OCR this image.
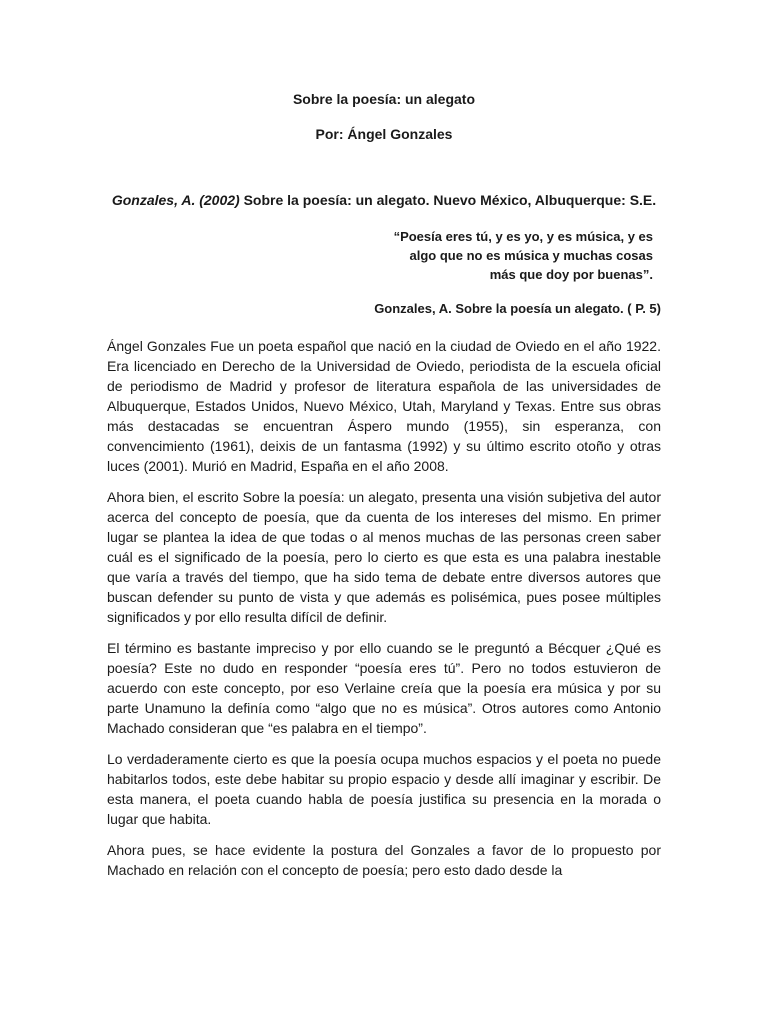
Sobre la poesía: un alegato
Por: Ángel Gonzales
Gonzales, A. (2002) Sobre la poesía: un alegato. Nuevo México, Albuquerque: S.E.
“Poesía eres tú, y es yo, y es música, y es
algo que no es música y muchas cosas
más que doy por buenas”.
Gonzales, A. Sobre la poesía un alegato. ( P. 5)

Ángel Gonzales Fue un poeta español que nació en la ciudad de Oviedo en el año 1922. Era licenciado en Derecho de la Universidad de Oviedo, periodista de la escuela oficial de periodismo de Madrid y profesor de literatura española de las universidades de Albuquerque, Estados Unidos, Nuevo México, Utah, Maryland y Texas. Entre sus obras más destacadas se encuentran Áspero mundo (1955), sin esperanza, con convencimiento (1961), deixis de un fantasma (1992) y su último escrito otoño y otras luces (2001). Murió en Madrid, España en el año 2008.

Ahora bien, el escrito Sobre la poesía: un alegato, presenta una visión subjetiva del autor acerca del concepto de poesía, que da cuenta de los intereses del mismo. En primer lugar se plantea la idea de que todas o al menos muchas de las personas creen saber cuál es el significado de la poesía, pero lo cierto es que esta es una palabra inestable que varía a través del tiempo, que ha sido tema de debate entre diversos autores que buscan defender su punto de vista y que además es polisémica, pues posee múltiples significados y por ello resulta difícil de definir.

El término es bastante impreciso y por ello cuando se le preguntó a Bécquer ¿Qué es poesía? Este no dudo en responder “poesía eres tú”. Pero no todos estuvieron de acuerdo con este concepto, por eso Verlaine creía que la poesía era música y por su parte Unamuno la definía como “algo que no es música”. Otros autores como Antonio Machado consideran que “es palabra en el tiempo”.

Lo verdaderamente cierto es que la poesía ocupa muchos espacios y el poeta no puede habitarlos todos, este debe habitar su propio espacio y desde allí imaginar y escribir. De esta manera, el poeta cuando habla de poesía justifica su presencia en la morada o lugar que habita.

Ahora pues, se hace evidente la postura del Gonzales a favor de lo propuesto por Machado en relación con el concepto de poesía; pero esto dado desde la
